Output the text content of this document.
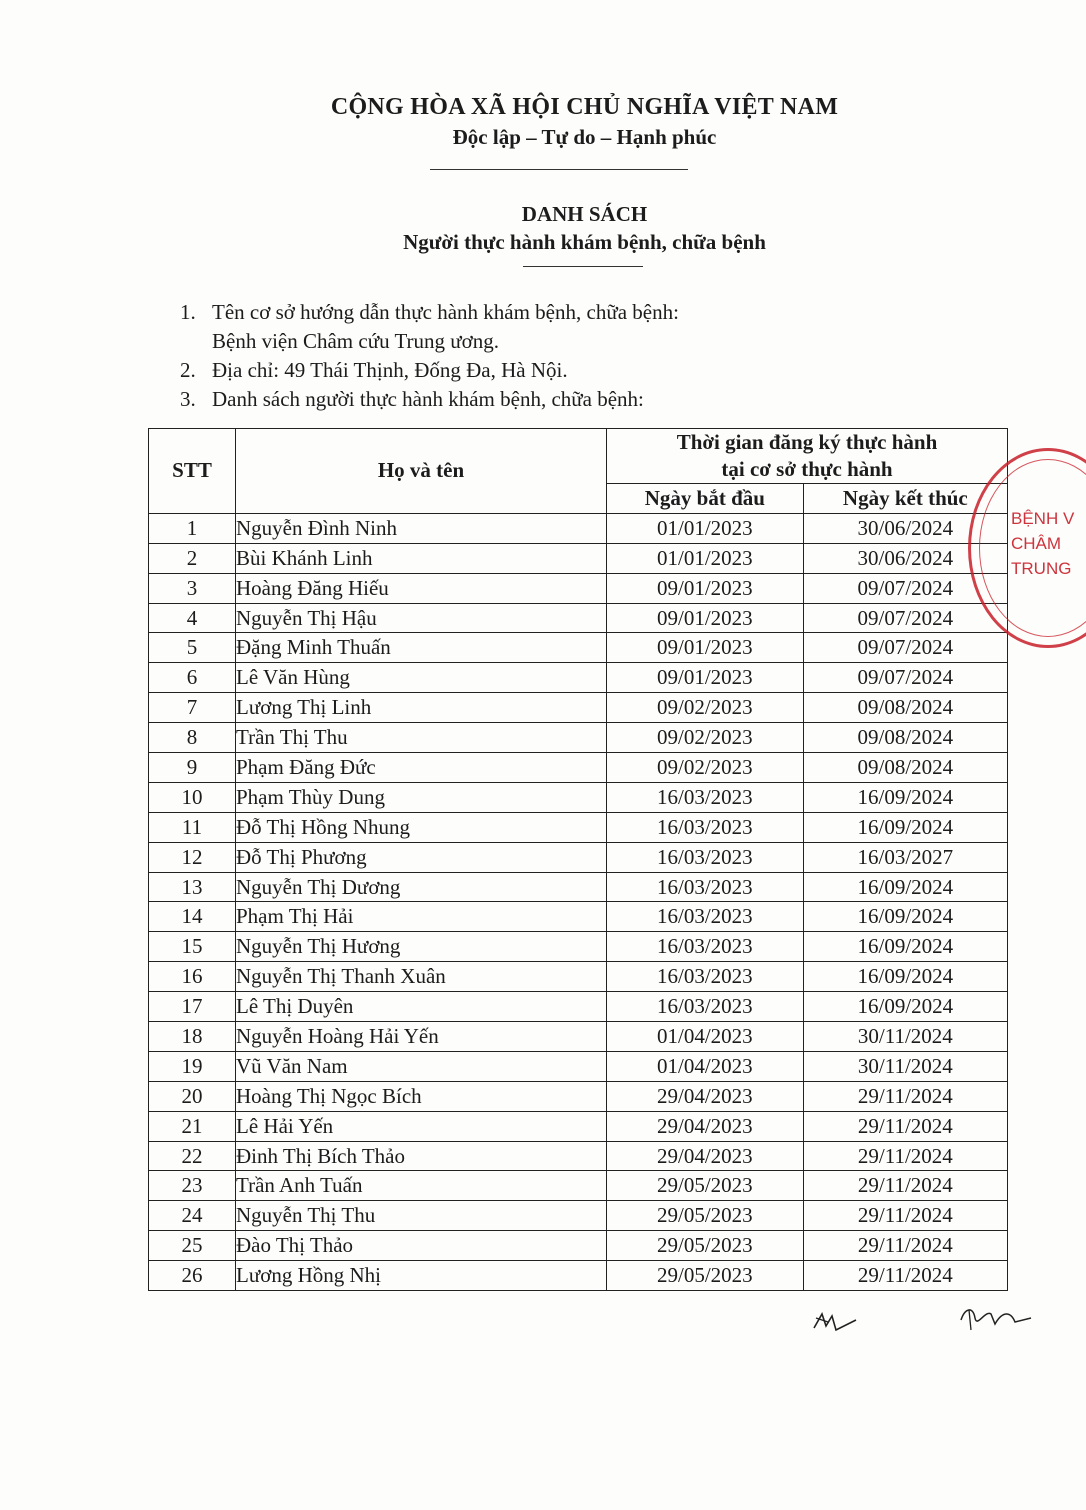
CỘNG HÒA XÃ HỘI CHỦ NGHĨA VIỆT NAM
Độc lập – Tự do – Hạnh phúc
DANH SÁCH
Người thực hành khám bệnh, chữa bệnh
1. Tên cơ sở hướng dẫn thực hành khám bệnh, chữa bệnh:
Bệnh viện Châm cứu Trung ương.
2. Địa chỉ: 49 Thái Thịnh, Đống Đa, Hà Nội.
3. Danh sách người thực hành khám bệnh, chữa bệnh:
STT	Họ và tên	Thời gian đăng ký thực hành
tại cơ sở thực hành	

		Ngày bắt đầu	Ngày kết thúc
1	Nguyễn Đình Ninh	01/01/2023	30/06/2024
2	Bùi Khánh Linh	01/01/2023	30/06/2024
3	Hoàng Đăng Hiếu	09/01/2023	09/07/2024
4	Nguyễn Thị Hậu	09/01/2023	09/07/2024
5	Đặng Minh Thuấn	09/01/2023	09/07/2024
6	Lê Văn Hùng	09/01/2023	09/07/2024
7	Lương Thị Linh	09/02/2023	09/08/2024
8	Trần Thị Thu	09/02/2023	09/08/2024
9	Phạm Đăng Đức	09/02/2023	09/08/2024
10	Phạm Thùy Dung	16/03/2023	16/09/2024
11	Đỗ Thị Hồng Nhung	16/03/2023	16/09/2024
12	Đỗ Thị Phương	16/03/2023	16/03/2027
13	Nguyễn Thị Dương	16/03/2023	16/09/2024
14	Phạm Thị Hải	16/03/2023	16/09/2024
15	Nguyễn Thị Hương	16/03/2023	16/09/2024
16	Nguyễn Thị Thanh Xuân	16/03/2023	16/09/2024
17	Lê Thị Duyên	16/03/2023	16/09/2024
18	Nguyễn Hoàng Hải Yến	01/04/2023	30/11/2024
19	Vũ Văn Nam	01/04/2023	30/11/2024
20	Hoàng Thị Ngọc Bích	29/04/2023	29/11/2024
21	Lê Hải Yến	29/04/2023	29/11/2024
22	Đinh Thị Bích Thảo	29/04/2023	29/11/2024
23	Trần Anh Tuấn	29/05/2023	29/11/2024
24	Nguyễn Thị Thu	29/05/2023	29/11/2024
25	Đào Thị Thảo	29/05/2023	29/11/2024
26	Lương Hồng Nhị	29/05/2023	29/11/2024
BỆNH V
CHÂM
TRUNG
